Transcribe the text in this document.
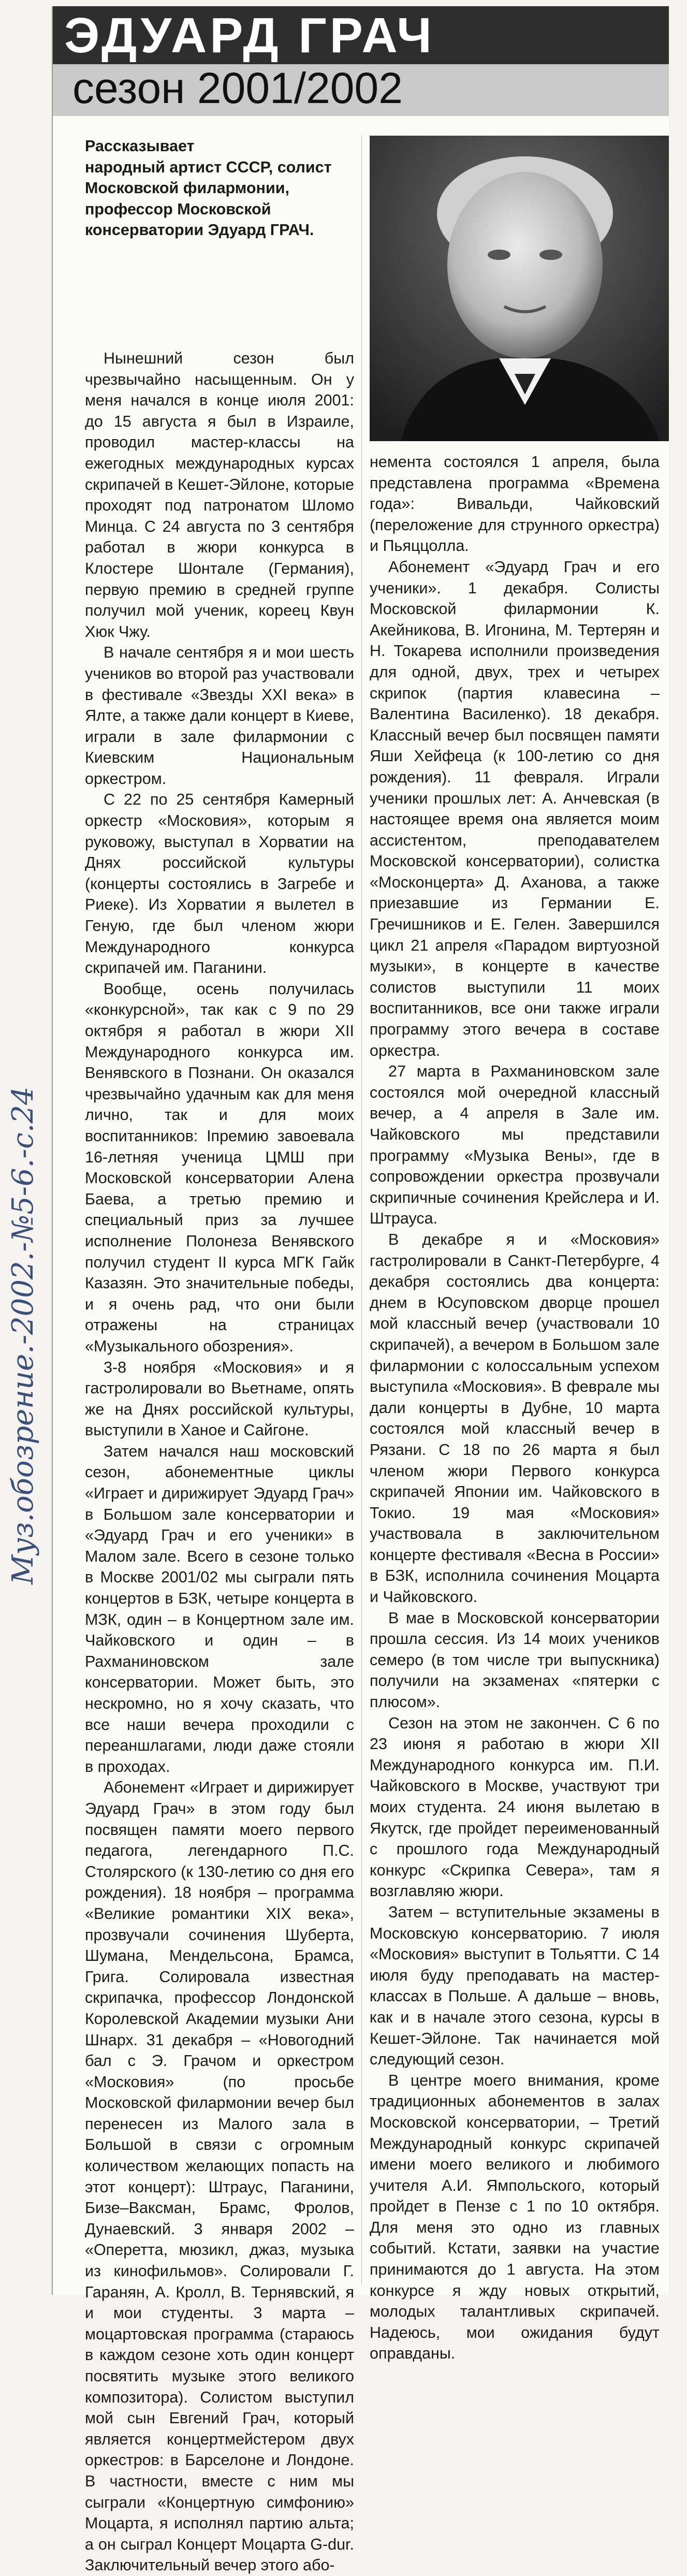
ЭДУАРД ГРАЧ
сезон 2001/2002
Рассказывает
народный артист СССР, солист Московской филармонии, профессор Московской консерватории Эдуард ГРАЧ.

Нынешний сезон был чрезвычайно насыщенным. Он у меня начался в конце июля 2001: до 15 августа я был в Израиле, проводил мастер-классы на ежегодных международных курсах скрипачей в Кешет-Эйлоне, которые проходят под патронатом Шломо Минца. С 24 августа по 3 сентября работал в жюри конкурса в Клостере Шонтале (Германия), первую премию в средней группе получил мой ученик, кореец Квун Хюк Чжу.

В начале сентября я и мои шесть учеников во второй раз участвовали в фестивале «Звезды XXI века» в Ялте, а также дали концерт в Киеве, играли в зале филармонии с Киевским Национальным оркестром.

С 22 по 25 сентября Камерный оркестр «Московия», которым я руковожу, выступал в Хорватии на Днях российской культуры (концерты состоялись в Загребе и Риеке). Из Хорватии я вылетел в Геную, где был членом жюри Международного конкурса скрипачей им. Паганини.

Вообще, осень получилась «конкурсной», так как с 9 по 29 октября я работал в жюри XII Международного конкурса им. Венявского в Познани. Он оказался чрезвычайно удачным как для меня лично, так и для моих воспитанников: Iпремию завоевала 16-летняя ученица ЦМШ при Московской консерватории Алена Баева, а третью премию и специальный приз за лучшее исполнение Полонеза Венявского получил студент II курса МГК Гайк Казазян. Это значительные победы, и я очень рад, что они были отражены на страницах «Музыкального обозрения».

3-8 ноября «Московия» и я гастролировали во Вьетнаме, опять же на Днях российской культуры, выступили в Ханое и Сайгоне.

Затем начался наш московский сезон, абонементные циклы «Играет и дирижирует Эдуард Грач» в Большом зале консерватории и «Эдуард Грач и его ученики» в Малом зале. Всего в сезоне только в Москве 2001/02 мы сыграли пять концертов в БЗК, четыре концерта в МЗК, один – в Концертном зале им. Чайковского и один – в Рахманиновском зале консерватории. Может быть, это нескромно, но я хочу сказать, что все наши вечера проходили с переаншлагами, люди даже стояли в проходах.

Абонемент «Играет и дирижирует Эдуард Грач» в этом году был посвящен памяти моего первого педагога, легендарного П.С. Столярского (к 130-летию со дня его рождения). 18 ноября – программа «Великие романтики XIX века», прозвучали сочинения Шуберта, Шумана, Мендельсона, Брамса, Грига. Солировала известная скрипачка, профессор Лондонской Королевской Академии музыки Ани Шнарх. 31 декабря – «Новогодний бал с Э. Грачом и оркестром «Московия» (по просьбе Московской филармонии вечер был перенесен из Малого зала в Большой в связи с огромным количеством желающих попасть на этот концерт): Штраус, Паганини, Бизе–Ваксман, Брамс, Фролов, Дунаевский. 3 января 2002 – «Оперетта, мюзикл, джаз, музыка из кинофильмов». Солировали Г. Гаранян, А. Кролл, В. Тернявский, я и мои студенты. 3 марта – моцартовская программа (стараюсь в каждом сезоне хоть один концерт посвятить музыке этого великого композитора). Солистом выступил мой сын Евгений Грач, который является концертмейстером двух оркестров: в Барселоне и Лондоне. В частности, вместе с ним мы сыграли «Концертную симфонию» Моцарта, я исполнял партию альта; а он сыграл Концерт Моцарта G-dur. Заключительный вечер этого або-

немента состоялся 1 апреля, была представлена программа «Времена года»: Вивальди, Чайковский (переложение для струнного оркестра) и Пьяццолла.

Абонемент «Эдуард Грач и его ученики». 1 декабря. Солисты Московской филармонии К. Акейникова, В. Игонина, М. Тертерян и Н. Токарева исполнили произведения для одной, двух, трех и четырех скрипок (партия клавесина – Валентина Василенко). 18 декабря. Классный вечер был посвящен памяти Яши Хейфеца (к 100-летию со дня рождения). 11 февраля. Играли ученики прошлых лет: А. Анчевская (в настоящее время она является моим ассистентом, преподавателем Московской консерватории), солистка «Москонцерта» Д. Аханова, а также приезавшие из Германии Е. Гречишников и Е. Гелен. Завершился цикл 21 апреля «Парадом виртуозной музыки», в концерте в качестве солистов выступили 11 моих воспитанников, все они также играли программу этого вечера в составе оркестра.

27 марта в Рахманиновском зале состоялся мой очередной классный вечер, а 4 апреля в Зале им. Чайковского мы представили программу «Музыка Вены», где в сопровождении оркестра прозвучали скрипичные сочинения Крейслера и И. Штрауса.

В декабре я и «Московия» гастролировали в Санкт-Петербурге, 4 декабря состоялись два концерта: днем в Юсуповском дворце прошел мой классный вечер (участвовали 10 скрипачей), а вечером в Большом зале филармонии с колоссальным успехом выступила «Московия». В феврале мы дали концерты в Дубне, 10 марта состоялся мой классный вечер в Рязани. С 18 по 26 марта я был членом жюри Первого конкурса скрипачей Японии им. Чайковского в Токио. 19 мая «Московия» участвовала в заключительном концерте фестиваля «Весна в России» в БЗК, исполнила сочинения Моцарта и Чайковского.

В мае в Московской консерватории прошла сессия. Из 14 моих учеников семеро (в том числе три выпускника) получили на экзаменах «пятерки с плюсом».

Сезон на этом не закончен. С 6 по 23 июня я работаю в жюри XII Международного конкурса им. П.И. Чайковского в Москве, участвуют три моих студента. 24 июня вылетаю в Якутск, где пройдет переименованный с прошлого года Международный конкурс «Скрипка Севера», там я возглавляю жюри.

Затем – вступительные экзамены в Московскую консерваторию. 7 июля «Московия» выступит в Тольятти. С 14 июля буду преподавать на мастер-классах в Польше. А дальше – вновь, как и в начале этого сезона, курсы в Кешет-Эйлоне. Так начинается мой следующий сезон.

В центре моего внимания, кроме традиционных абонементов в залах Московской консерватории, – Третий Международный конкурс скрипачей имени моего великого и любимого учителя А.И. Ямпольского, который пройдет в Пензе с 1 по 10 октября. Для меня это одно из главных событий. Кстати, заявки на участие принимаются до 1 августа. На этом конкурсе я жду новых открытий, молодых талантливых скрипачей. Надеюсь, мои ожидания будут оправданы.

Муз.обозрение.-2002.-№5-6.-с.24
